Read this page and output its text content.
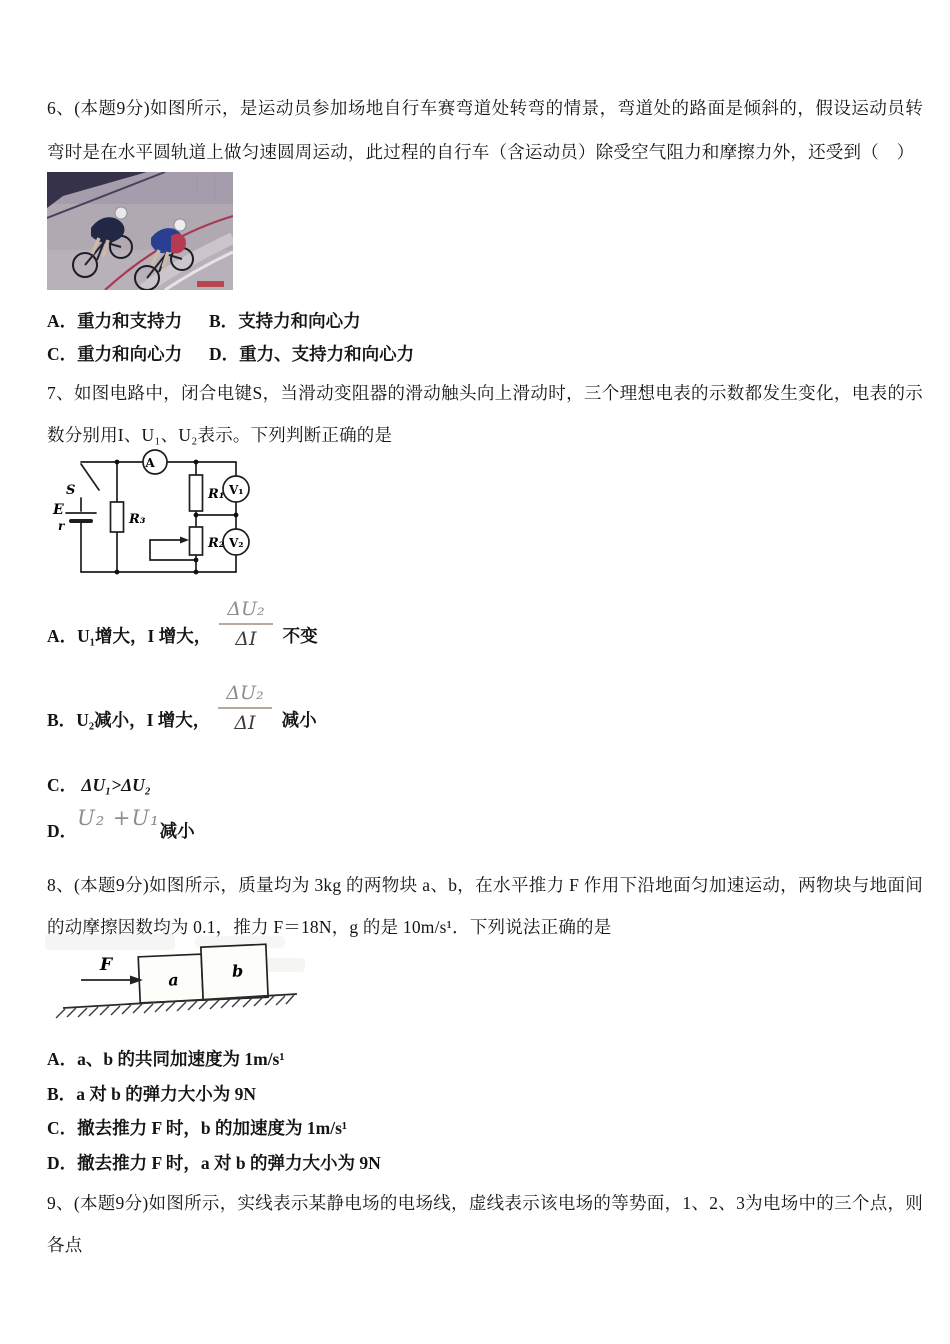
6、(本题9分)如图所示，是运动员参加场地自行车赛弯道处转弯的情景，弯道处的路面是倾斜的，假设运动员转弯时是在水平圆轨道上做匀速圆周运动，此过程的自行车（含运动员）除受空气阻力和摩擦力外，还受到（　）

A．重力和支持力	B．支持力和向心力
C．重力和向心力	D．重力、支持力和向心力

7、如图电路中，闭合电键S，当滑动变阻器的滑动触头向上滑动时，三个理想电表的示数都发生变化，电表的示数分别用I、U₁、U₂表示。下列判断正确的是

S
E
r	R₃
A
R₁
R₂
V₁
V₂
A． U₁增大，I 增大， $\frac{\text{ΔU₂}}{\Delta I}$ 不变
B． U₂减小，I 增大， $\frac{\text{ΔU₂}}{\Delta I}$ 减小
C． ΔU₁>ΔU₂
D．
U₂ +U₁
减小

8、(本题9分)如图所示，质量均为 3kg 的两物块 a、b，在水平推力 F 作用下沿地面匀加速运动，两物块与地面间的动摩擦因数均为 0.1，推力 F＝18N，g 的是 10m/s¹．下列说法正确的是

a	b
F
A．a、b 的共同加速度为 1m/s¹
B．a 对 b 的弹力大小为 9N
C．撤去推力 F 时，b 的加速度为 1m/s¹
D．撤去推力 F 时，a 对 b 的弹力大小为 9N

9、(本题9分)如图所示，实线表示某静电场的电场线，虚线表示该电场的等势面，1、2、3为电场中的三个点，则各点
